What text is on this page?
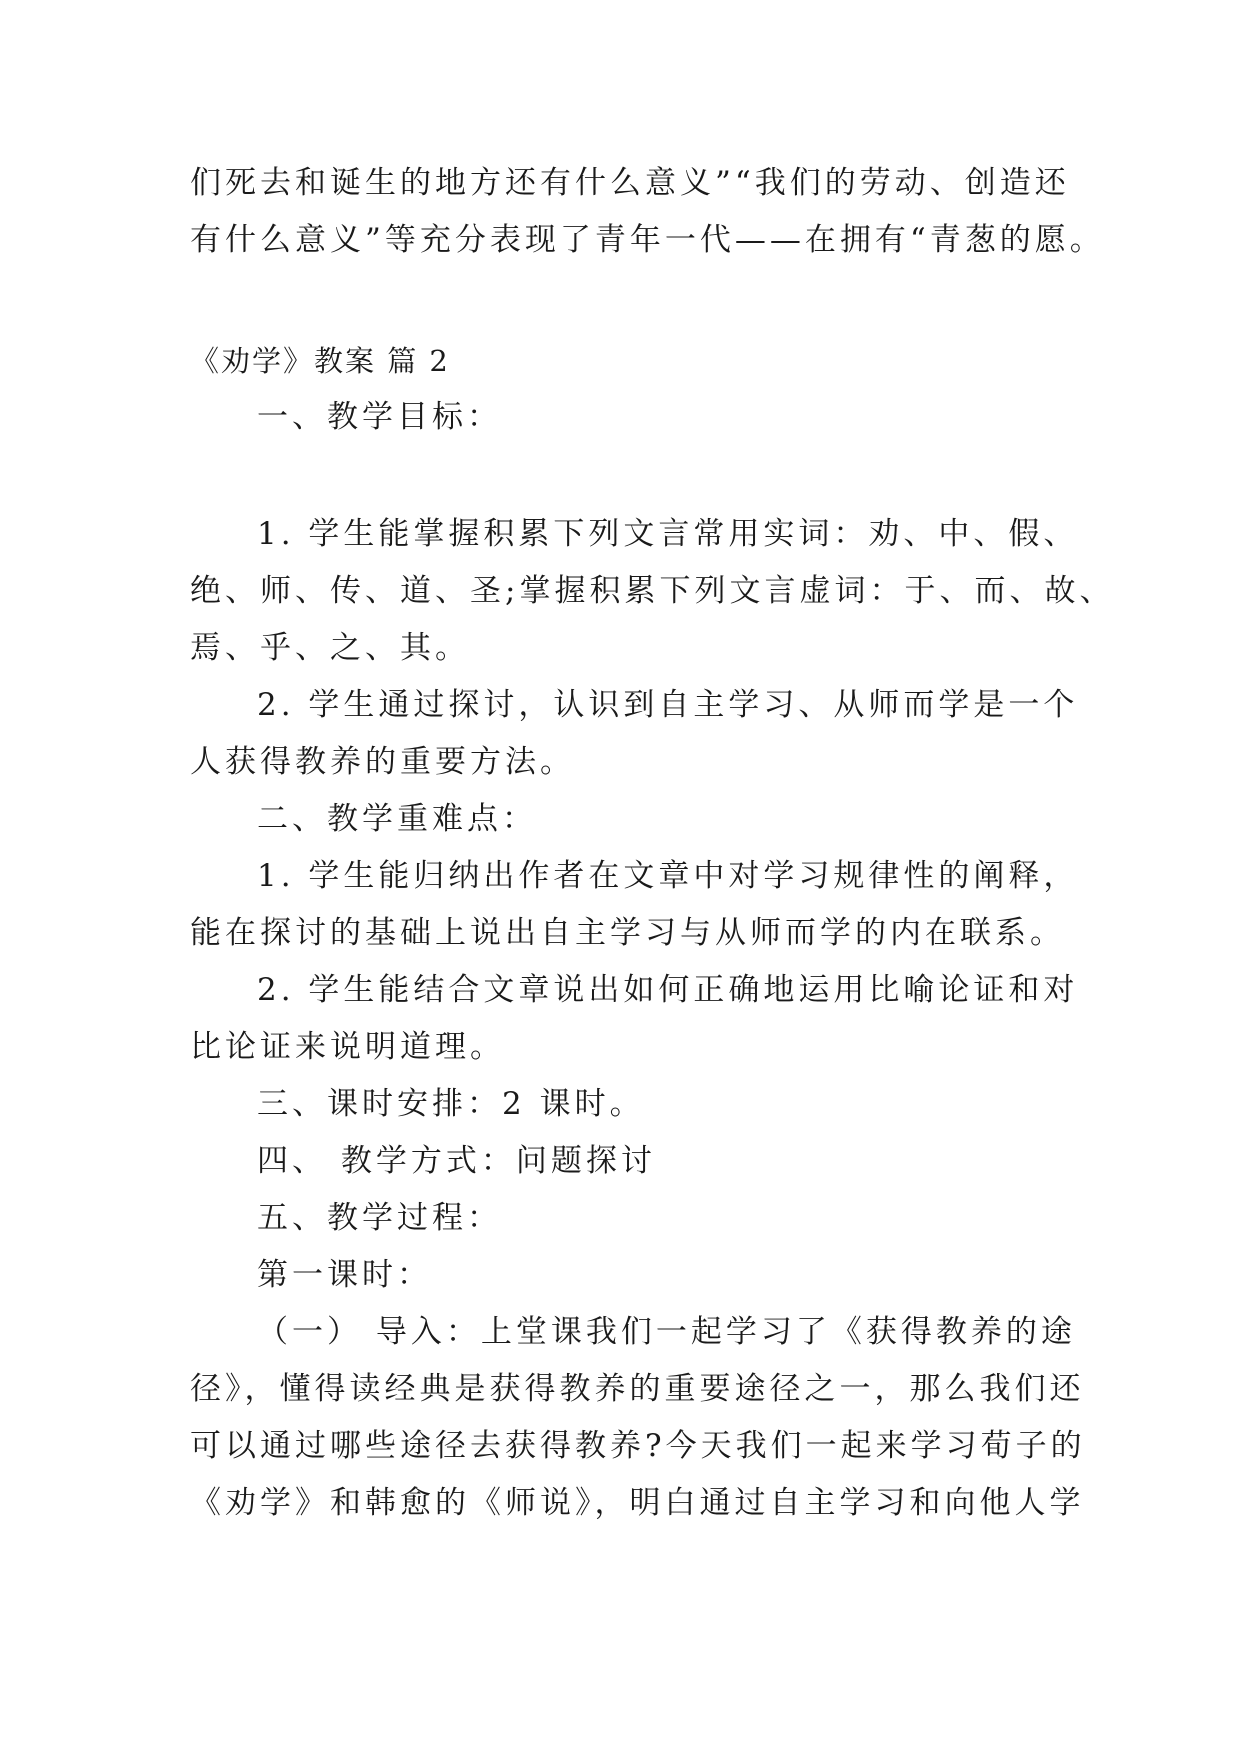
们死去和诞生的地方还有什么意义”“我们的劳动、创造还
有什么意义”等充分表现了青年一代——在拥有“青葱的愿。
《劝学》教案 篇 2
一、教学目标：
1. 学生能掌握积累下列文言常用实词：劝、中、假、
绝、师、传、道、圣;掌握积累下列文言虚词：于、而、故、
焉、乎、之、其。
2. 学生通过探讨，认识到自主学习、从师而学是一个
人获得教养的重要方法。
二、教学重难点：
1. 学生能归纳出作者在文章中对学习规律性的阐释，
能在探讨的基础上说出自主学习与从师而学的内在联系。
2. 学生能结合文章说出如何正确地运用比喻论证和对
比论证来说明道理。
三、课时安排：2 课时。
四、 教学方式：问题探讨
五、教学过程：
第一课时：
（一） 导入：上堂课我们一起学习了《获得教养的途
径》，懂得读经典是获得教养的重要途径之一，那么我们还
可以通过哪些途径去获得教养?今天我们一起来学习荀子的
《劝学》和韩愈的《师说》，明白通过自主学习和向他人学
